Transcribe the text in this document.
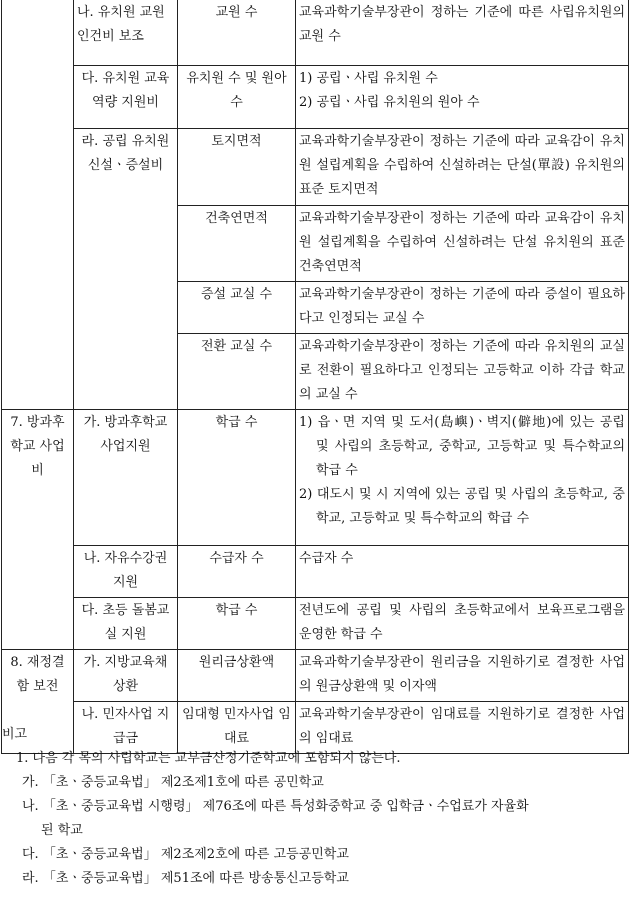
	나. 유치원 교원 인건비 보조	교원 수	교육과학기술부장관이 정하는 기준에 따른 사립유치원의 교원 수
	다. 유치원 교육역량 지원비	유치원 수 및 원아 수	1) 공립ㆍ사립 유치원 수
2) 공립ㆍ사립 유치원의 원아 수

	라. 공립 유치원 신설ㆍ증설비	토지면적	교육과학기술부장관이 정하는 기준에 따라 교육감이 유치원 설립계획을 수립하여 신설하려는 단설(單設) 유치원의 표준 토지면적
		건축연면적	교육과학기술부장관이 정하는 기준에 따라 교육감이 유치원 설립계획을 수립하여 신설하려는 단설 유치원의 표준 건축연면적
		증설 교실 수	교육과학기술부장관이 정하는 기준에 따라 증설이 필요하다고 인정되는 교실 수
		전환 교실 수	교육과학기술부장관이 정하는 기준에 따라 유치원의 교실로 전환이 필요하다고 인정되는 고등학교 이하 각급 학교의 교실 수
7. 방과후 학교 사업비	가. 방과후학교 사업지원	학급 수	1) 읍ㆍ면 지역 및 도서(島嶼)ㆍ벽지(僻地)에 있는 공립 및 사립의 초등학교, 중학교, 고등학교 및 특수학교의 학급 수
2) 대도시 및 시 지역에 있는 공립 및 사립의 초등학교, 중학교, 고등학교 및 특수학교의 학급 수

	나. 자유수강권 지원	수급자 수	수급자 수
	다. 초등 돌봄교실 지원	학급 수	전년도에 공립 및 사립의 초등학교에서 보육프로그램을 운영한 학급 수
8. 재정결함 보전	가. 지방교육채 상환	원리금상환액	교육과학기술부장관이 원리금을 지원하기로 결정한 사업의 원금상환액 및 이자액
	나. 민자사업 지급금	임대형 민자사업 임대료	교육과학기술부장관이 임대료를 지원하기로 결정한 사업의 임대료
비고
1. 다음 각 목의 사립학교는 교부금산정기준학교에 포함되지 않는다.
가. 「초ㆍ중등교육법」 제2조제1호에 따른 공민학교
나. 「초ㆍ중등교육법 시행령」 제76조에 따른 특성화중학교 중 입학금ㆍ수업료가 자율화
된 학교
다. 「초ㆍ중등교육법」 제2조제2호에 따른 고등공민학교
라. 「초ㆍ중등교육법」 제51조에 따른 방송통신고등학교
